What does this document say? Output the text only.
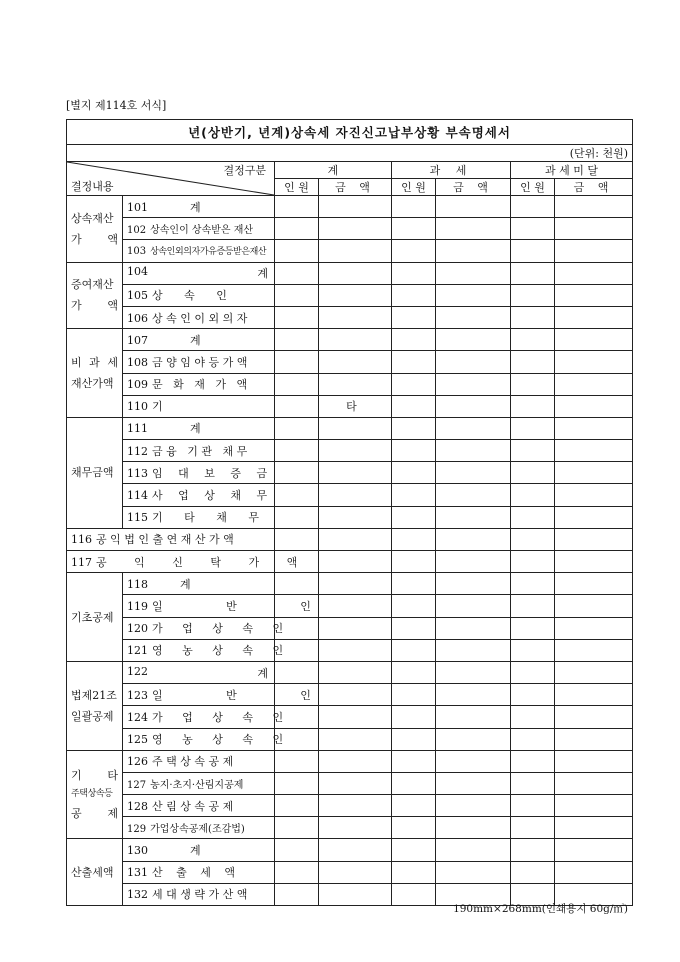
[별지 제114호 서식]
년(상반기, 년계)상속세 자진신고납부상황 부속명세서							
(단위: 천원)							

결정구분
결정내용		계		과 세		과 세 미 달	
		인 원	금 액	인 원	금 액	인 원	금 액
상속재산 가 액	101 계						
	102 상속인이 상속받은 재산						
	103 상속인외의자가유증등받은재산						
증여재산 가 액	104 계						

	105 상 속 인						
	106 상속인이외의자						
비 과 세 재산가액	107 계						
	108 금양임야등가액						
	109 문 화 재 가 액						
	110 기 타						
채무금액	111 계						
	112 금융 기관 채무						
	113 임 대 보 증 금						
	114 사 업 상 채 무						
	115 기 타 채 무						
116 공익법인출연재산가액							
117 공 익 신 탁 가 액							
기초공제	118 계						
	119 일 반 인						
	120 가 업 상 속 인						
	121 영 농 상 속 인						
법제21조 일괄공제	122 계						

	123 일 반 인						
	124 가 업 상 속 인						
	125 영 농 상 속 인						

기 타
주택상속등
공 제	126 주택상속공제						
	127 농지·초지·산림지공제						
	128 산림상속공제						
	129 가업상속공제(조감법)						
산출세액	130 계						
	131 산 출 세 액						
	132 세대생략가산액						
190mm×268mm(인쇄용지 60g/㎡)
